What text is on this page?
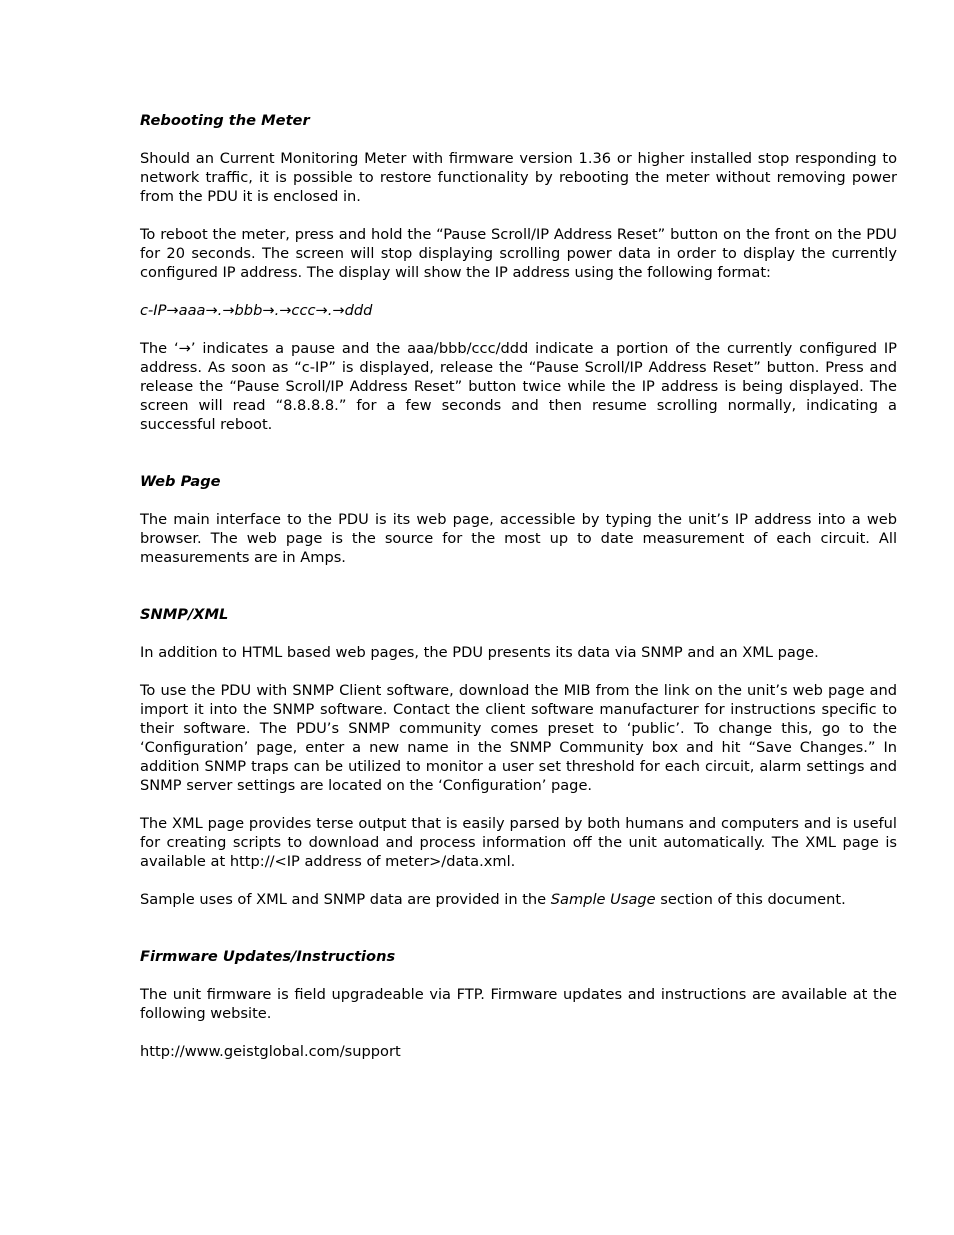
Rebooting the Meter

Should an Current Monitoring Meter with firmware version 1.36 or higher installed stop responding to network traffic, it is possible to restore functionality by rebooting the meter without removing power from the PDU it is enclosed in.

To reboot the meter, press and hold the “Pause Scroll/IP Address Reset” button on the front on the PDU for 20 seconds. The screen will stop displaying scrolling power data in order to display the currently configured IP address. The display will show the IP address using the following format:

c-IP→aaa→.→bbb→.→ccc→.→ddd

The ‘→’ indicates a pause and the aaa/bbb/ccc/ddd indicate a portion of the currently configured IP address. As soon as “c-IP” is displayed, release the “Pause Scroll/IP Address Reset” button. Press and release the “Pause Scroll/IP Address Reset” button twice while the IP address is being displayed. The screen will read “8.8.8.8.” for a few seconds and then resume scrolling normally, indicating a successful reboot.

Web Page

The main interface to the PDU is its web page, accessible by typing the unit’s IP address into a web browser. The web page is the source for the most up to date measurement of each circuit. All measurements are in Amps.

SNMP/XML

In addition to HTML based web pages, the PDU presents its data via SNMP and an XML page.

To use the PDU with SNMP Client software, download the MIB from the link on the unit’s web page and import it into the SNMP software. Contact the client software manufacturer for instructions specific to their software. The PDU’s SNMP community comes preset to ‘public’. To change this, go to the ‘Configuration’ page, enter a new name in the SNMP Community box and hit “Save Changes.” In addition SNMP traps can be utilized to monitor a user set threshold for each circuit, alarm settings and SNMP server settings are located on the ‘Configuration’ page.

The XML page provides terse output that is easily parsed by both humans and computers and is useful for creating scripts to download and process information off the unit automatically. The XML page is available at http://<IP address of meter>/data.xml.

Sample uses of XML and SNMP data are provided in the Sample Usage section of this document.

Firmware Updates/Instructions

The unit firmware is field upgradeable via FTP. Firmware updates and instructions are available at the following website.

http://www.geistglobal.com/support
